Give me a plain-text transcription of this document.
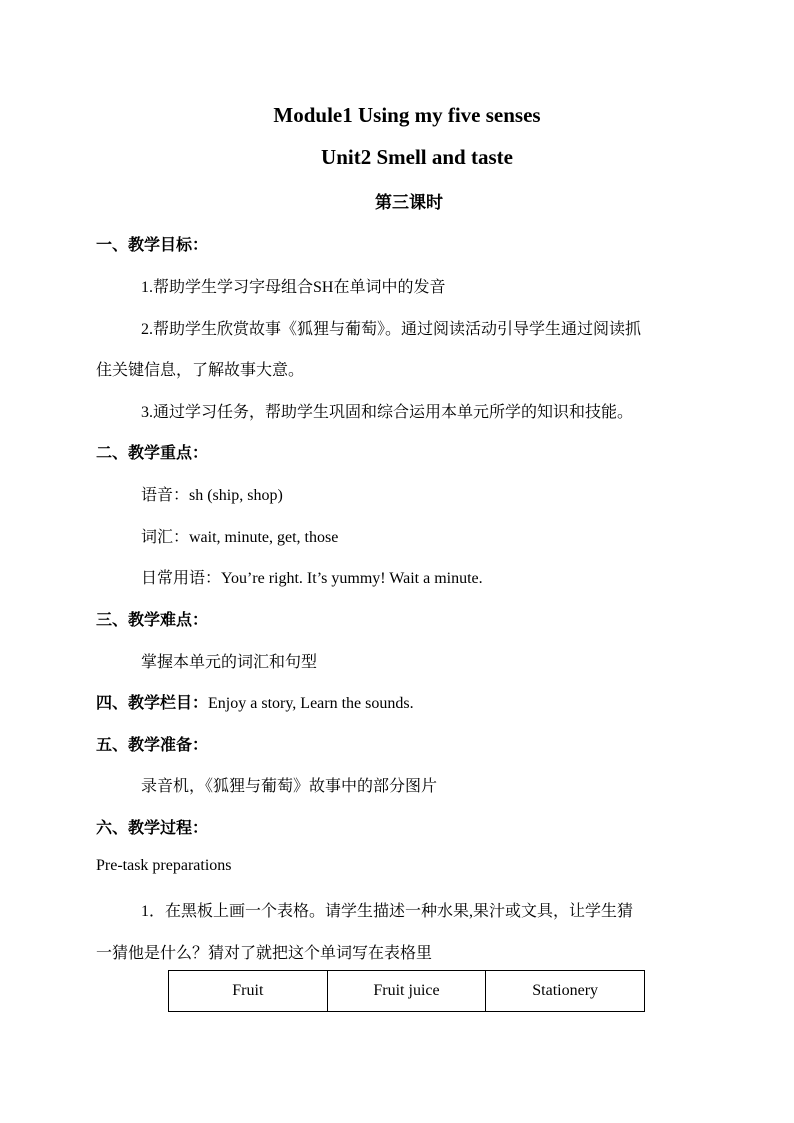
Module1 Using my five senses
Unit2 Smell and taste
第三课时
一、教学目标：
1.帮助学生学习字母组合SH在单词中的发音
2.帮助学生欣赏故事《狐狸与葡萄》。通过阅读活动引导学生通过阅读抓
住关键信息，了解故事大意。
3.通过学习任务，帮助学生巩固和综合运用本单元所学的知识和技能。
二、教学重点：
语音：sh (ship, shop)
词汇：wait, minute, get, those
日常用语：You’re right. It’s yummy! Wait a minute.
三、教学难点：
掌握本单元的词汇和句型
四、教学栏目：Enjoy a story, Learn the sounds.
五、教学准备：
录音机，《狐狸与葡萄》故事中的部分图片
六、教学过程：
Pre-task preparations
1．在黑板上画一个表格。请学生描述一种水果,果汁或文具，让学生猜
一猜他是什么？猜对了就把这个单词写在表格里
Fruit	Fruit juice	Stationery
